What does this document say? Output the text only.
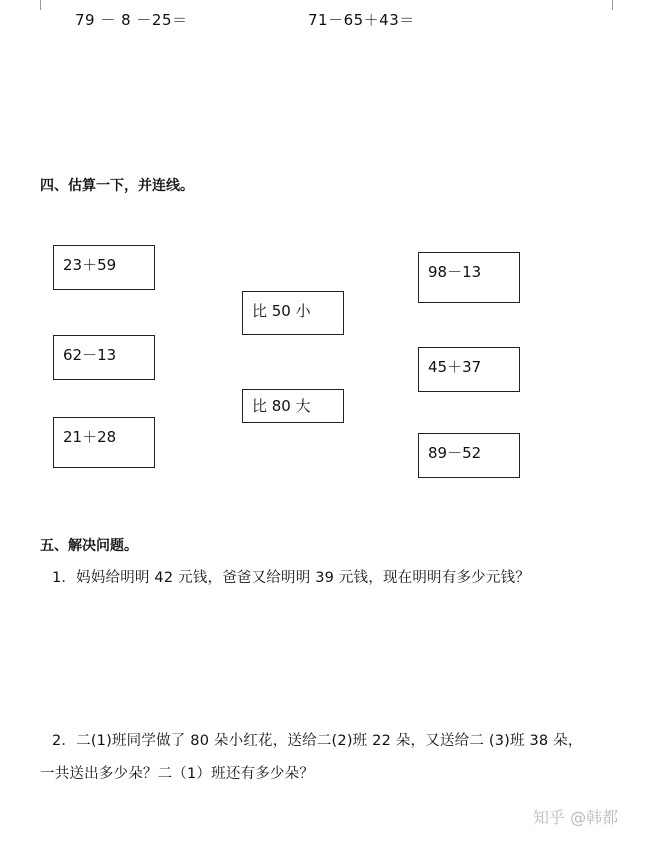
79 － 8 －25＝	71－65＋43＝
四、估算一下，并连线。
23＋59
62－13
21＋28
比 50 小
比 80 大
98－13
45＋37
89－52
五、解决问题。
1．妈妈给明明 42 元钱，爸爸又给明明 39 元钱，现在明明有多少元钱？
2．二(1)班同学做了 80 朵小红花，送给二(2)班 22 朵，又送给二 (3)班 38 朵，
一共送出多少朵？二（1）班还有多少朵？
知乎 @韩都
